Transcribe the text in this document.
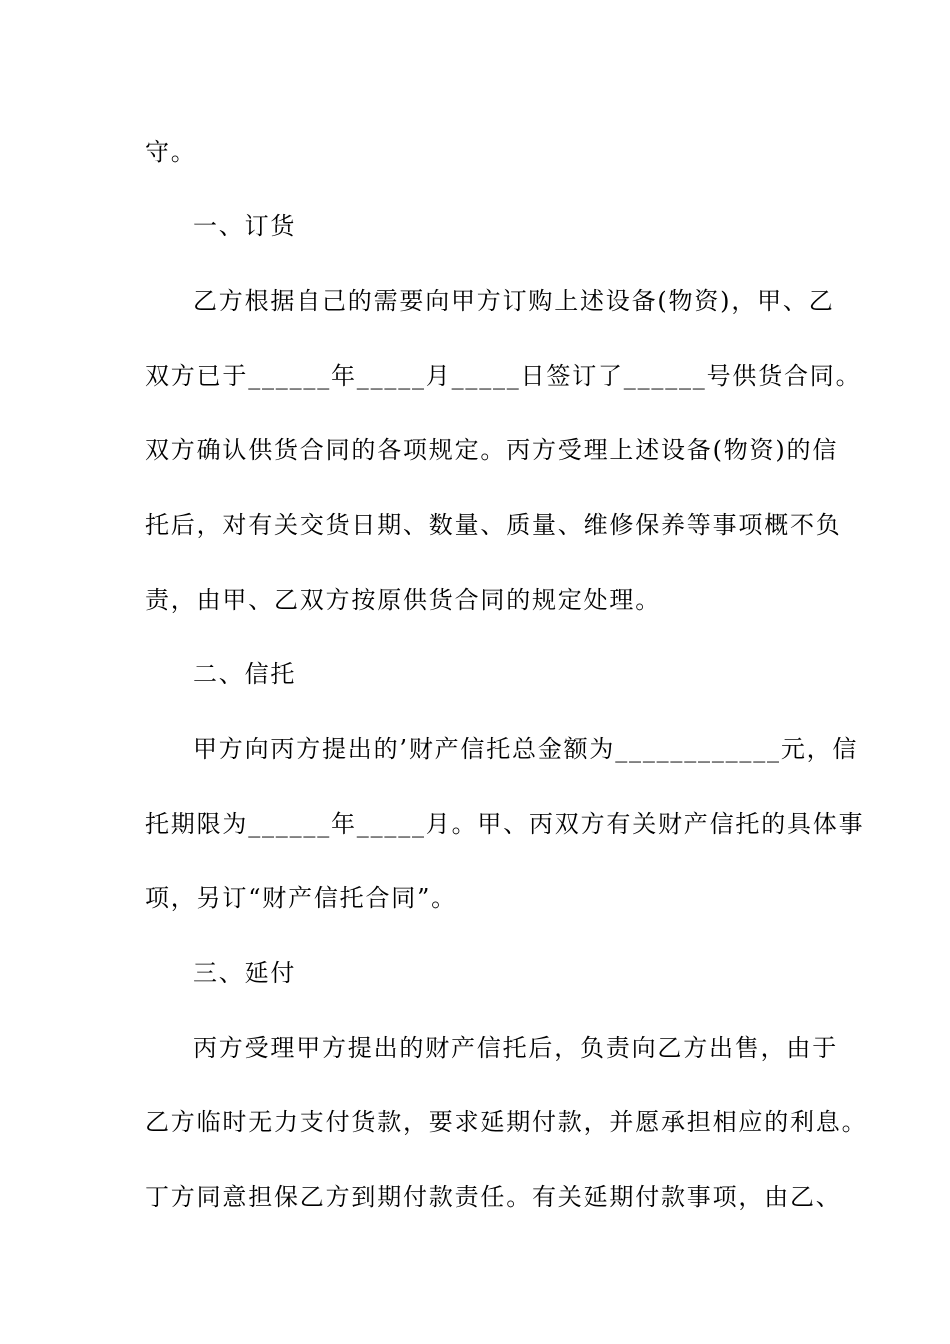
守。
一、订货
乙方根据自己的需要向甲方订购上述设备(物资)，甲、乙
双方已于______年_____月_____日签订了______号供货合同。
双方确认供货合同的各项规定。丙方受理上述设备(物资)的信
托后，对有关交货日期、数量、质量、维修保养等事项概不负
责，由甲、乙双方按原供货合同的规定处理。
二、信托
甲方向丙方提出的’财产信托总金额为____________元，信
托期限为______年_____月。甲、丙双方有关财产信托的具体事
项，另订“财产信托合同”。
三、延付
丙方受理甲方提出的财产信托后，负责向乙方出售，由于
乙方临时无力支付货款，要求延期付款，并愿承担相应的利息。
丁方同意担保乙方到期付款责任。有关延期付款事项，由乙、
